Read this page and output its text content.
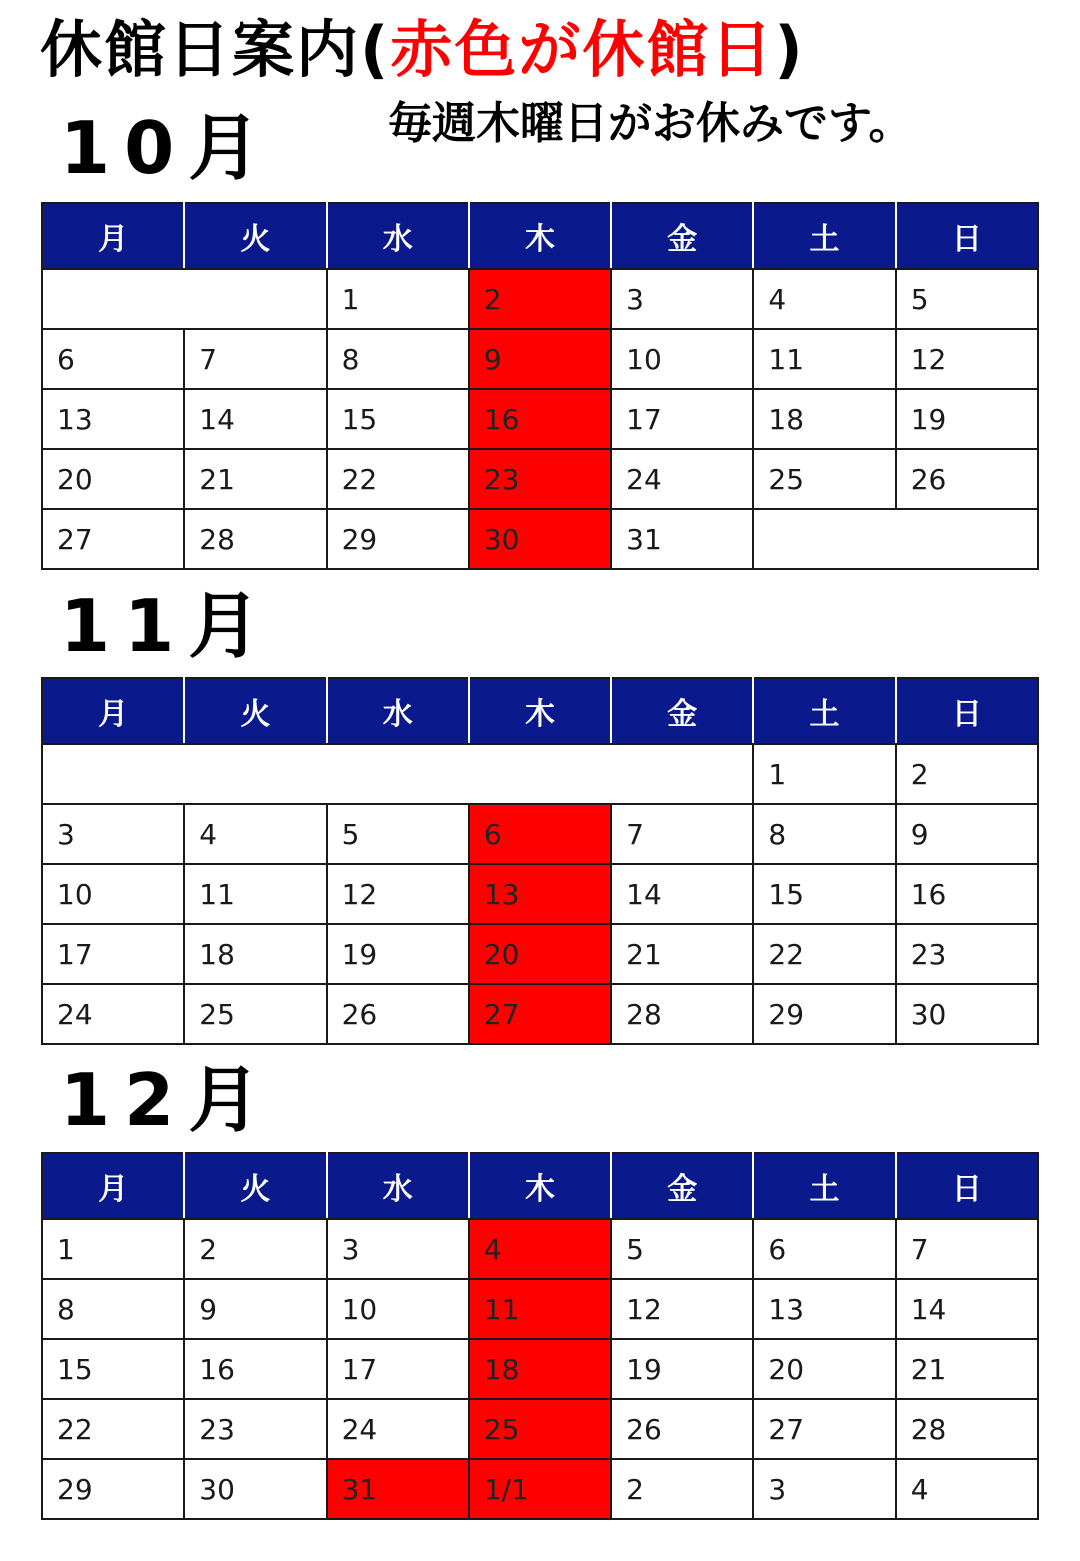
休館日案内(赤色が休館日)
毎週木曜日がお休みです。
10月
月	火	水	木	金	土	日
		1	2	3	4	5
6	7	8	9	10	11	12
13	14	15	16	17	18	19
20	21	22	23	24	25	26
27	28	29	30	31		
11月
月	火	水	木	金	土	日
					1	2
3	4	5	6	7	8	9
10	11	12	13	14	15	16
17	18	19	20	21	22	23
24	25	26	27	28	29	30
12月
月	火	水	木	金	土	日
1	2	3	4	5	6	7
8	9	10	11	12	13	14
15	16	17	18	19	20	21
22	23	24	25	26	27	28
29	30	31	1/1	2	3	4
